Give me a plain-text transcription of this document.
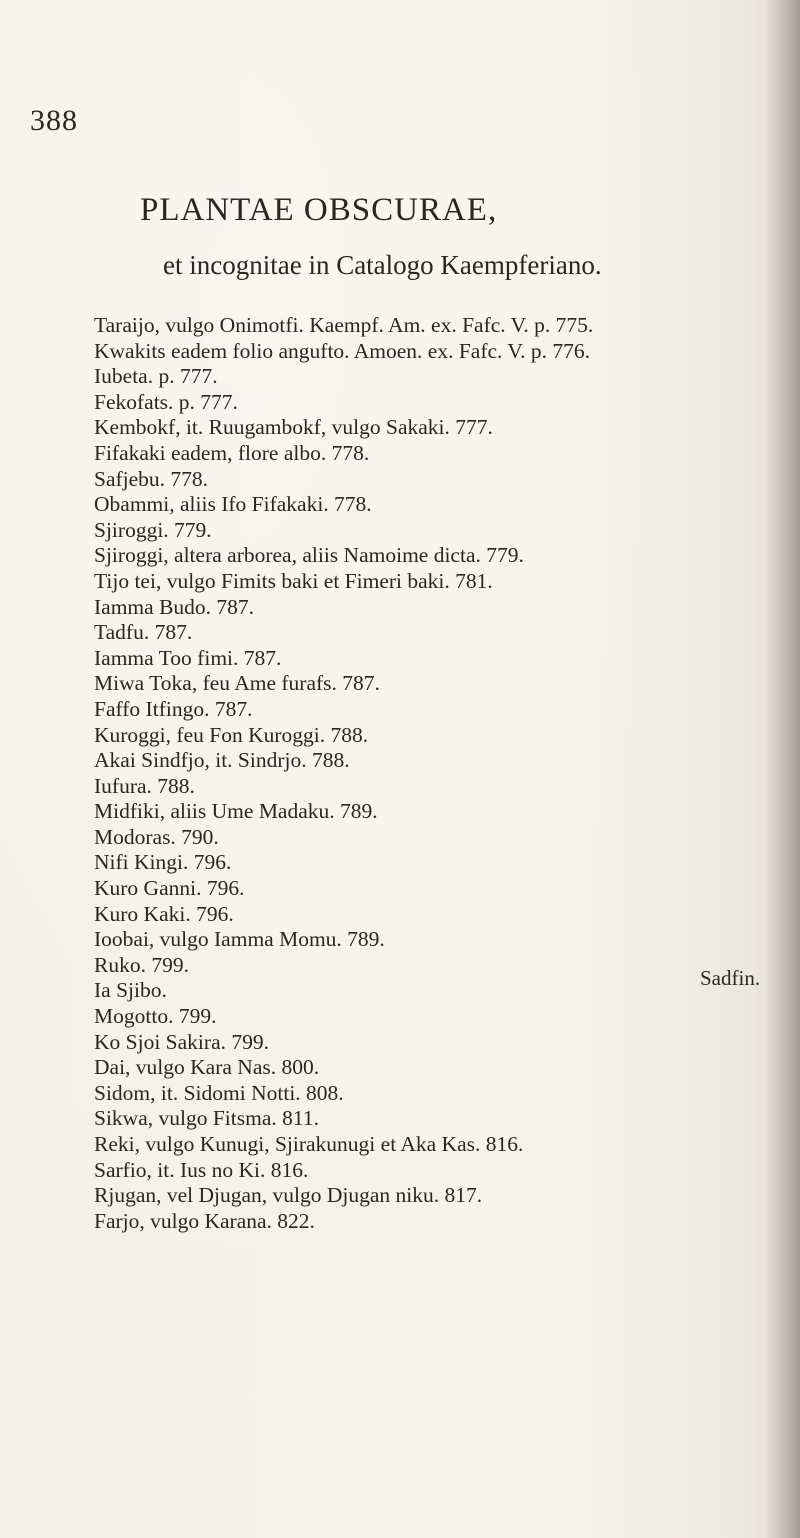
388

PLANTAE OBSCURAE,

et incognitae in Catalogo Kaempferiano.

Taraijo, vulgo Onimotfi. Kaempf. Am. ex. Fafc. V. p. 775.
Kwakits eadem folio angufto. Amoen. ex. Fafc. V. p. 776.
Iubeta. p. 777.
Fekofats. p. 777.
Kembokf, it. Ruugambokf, vulgo Sakaki. 777.
Fifakaki eadem, flore albo. 778.
Safjebu. 778.
Obammi, aliis Ifo Fifakaki. 778.
Sjiroggi. 779.
Sjiroggi, altera arborea, aliis Namoime dicta. 779.
Tijo tei, vulgo Fimits baki et Fimeri baki. 781.
Iamma Budo. 787.
Tadfu. 787.
Iamma Too fimi. 787.
Miwa Toka, feu Ame furafs. 787.
Faffo Itfingo. 787.
Kuroggi, feu Fon Kuroggi. 788.
Akai Sindfjo, it. Sindrjo. 788.
Iufura. 788.
Midfiki, aliis Ume Madaku. 789.
Modoras. 790.
Nifi Kingi. 796.
Kuro Ganni. 796.
Kuro Kaki. 796.
Ioobai, vulgo Iamma Momu. 789.
Ruko. 799.
Ia Sjibo.
Mogotto. 799.
Ko Sjoi Sakira. 799.
Dai, vulgo Kara Nas. 800.
Sidom, it. Sidomi Notti. 808.
Sikwa, vulgo Fitsma. 811.
Reki, vulgo Kunugi, Sjirakunugi et Aka Kas. 816.
Sarfio, it. Ius no Ki. 816.
Rjugan, vel Djugan, vulgo Djugan niku. 817.
Farjo, vulgo Karana. 822.

Sadfin.
